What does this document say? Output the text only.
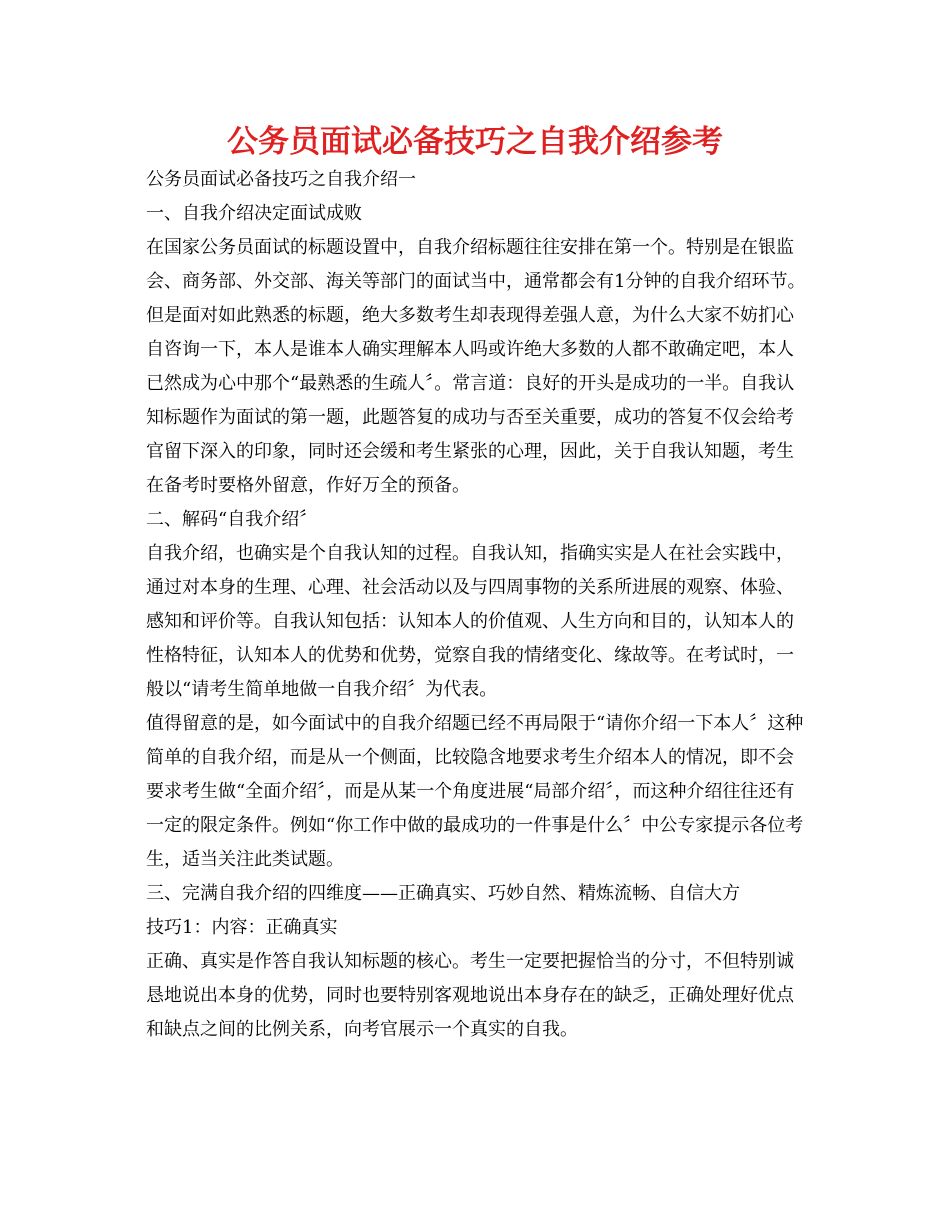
公务员面试必备技巧之自我介绍参考

公务员面试必备技巧之自我介绍一

一、自我介绍决定面试成败

在国家公务员面试的标题设置中，自我介绍标题往往安排在第一个。特别是在银监会、商务部、外交部、海关等部门的面试当中，通常都会有1分钟的自我介绍环节。但是面对如此熟悉的标题，绝大多数考生却表现得差强人意，为什么大家不妨扪心自咨询一下，本人是谁本人确实理解本人吗或许绝大多数的人都不敢确定吧，本人已然成为心中那个“最熟悉的生疏人〞。常言道：良好的开头是成功的一半。自我认知标题作为面试的第一题，此题答复的成功与否至关重要，成功的答复不仅会给考官留下深入的印象，同时还会缓和考生紧张的心理，因此，关于自我认知题，考生在备考时要格外留意，作好万全的预备。

二、解码“自我介绍〞

自我介绍，也确实是个自我认知的过程。自我认知，指确实实是人在社会实践中，通过对本身的生理、心理、社会活动以及与四周事物的关系所进展的观察、体验、感知和评价等。自我认知包括：认知本人的价值观、人生方向和目的，认知本人的性格特征，认知本人的优势和优势，觉察自我的情绪变化、缘故等。在考试时，一般以“请考生简单地做一自我介绍〞为代表。

值得留意的是，如今面试中的自我介绍题已经不再局限于“请你介绍一下本人〞这种简单的自我介绍，而是从一个侧面，比较隐含地要求考生介绍本人的情况，即不会要求考生做“全面介绍〞，而是从某一个角度进展“局部介绍〞，而这种介绍往往还有一定的限定条件。例如“你工作中做的最成功的一件事是什么〞中公专家提示各位考生，适当关注此类试题。

三、完满自我介绍的四维度——正确真实、巧妙自然、精炼流畅、自信大方

技巧1：内容：正确真实

正确、真实是作答自我认知标题的核心。考生一定要把握恰当的分寸，不但特别诚恳地说出本身的优势，同时也要特别客观地说出本身存在的缺乏，正确处理好优点和缺点之间的比例关系，向考官展示一个真实的自我。
